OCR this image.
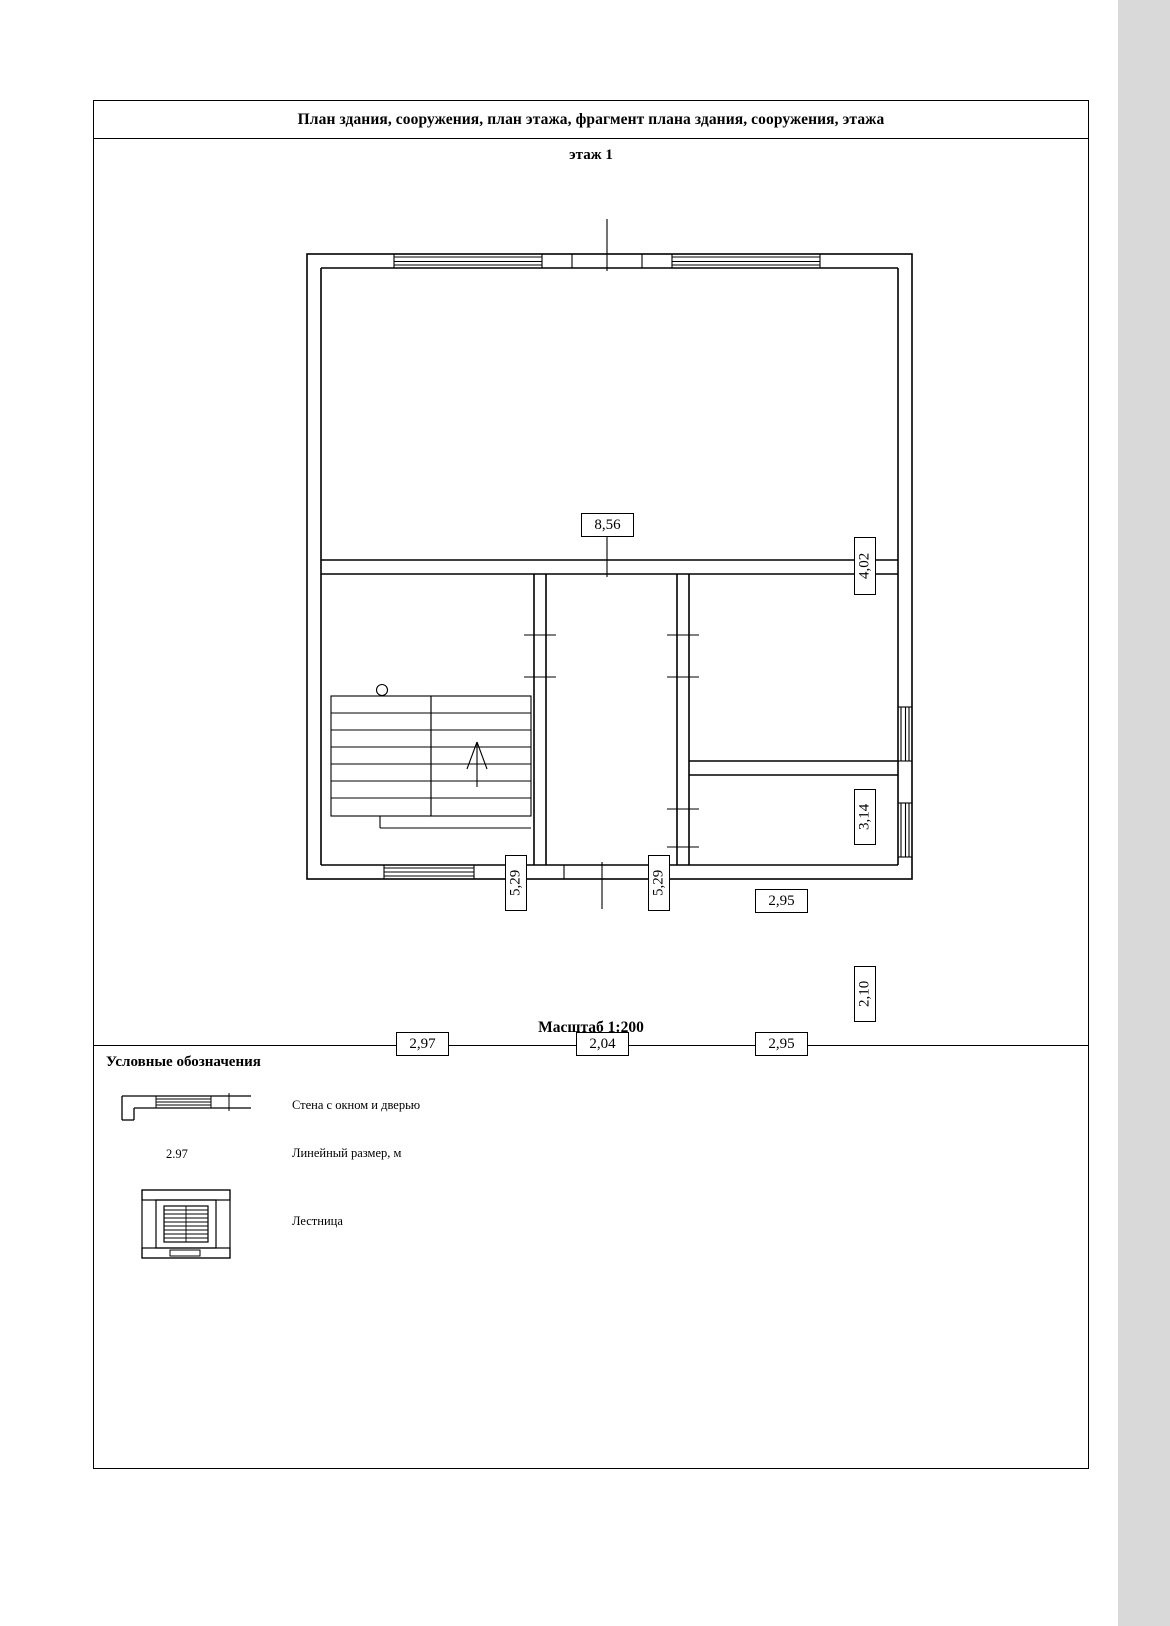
План здания, сооружения, план этажа, фрагмент плана здания, сооружения, этажа
этаж 1
4,02
8,56
3,14
5,29	5,29
2,95
2,10
2,97	2,04	2,95
Масштаб 1:200
Условные обозначения
Стена с окном и дверью
2.97	Линейный размер, м
Лестница
